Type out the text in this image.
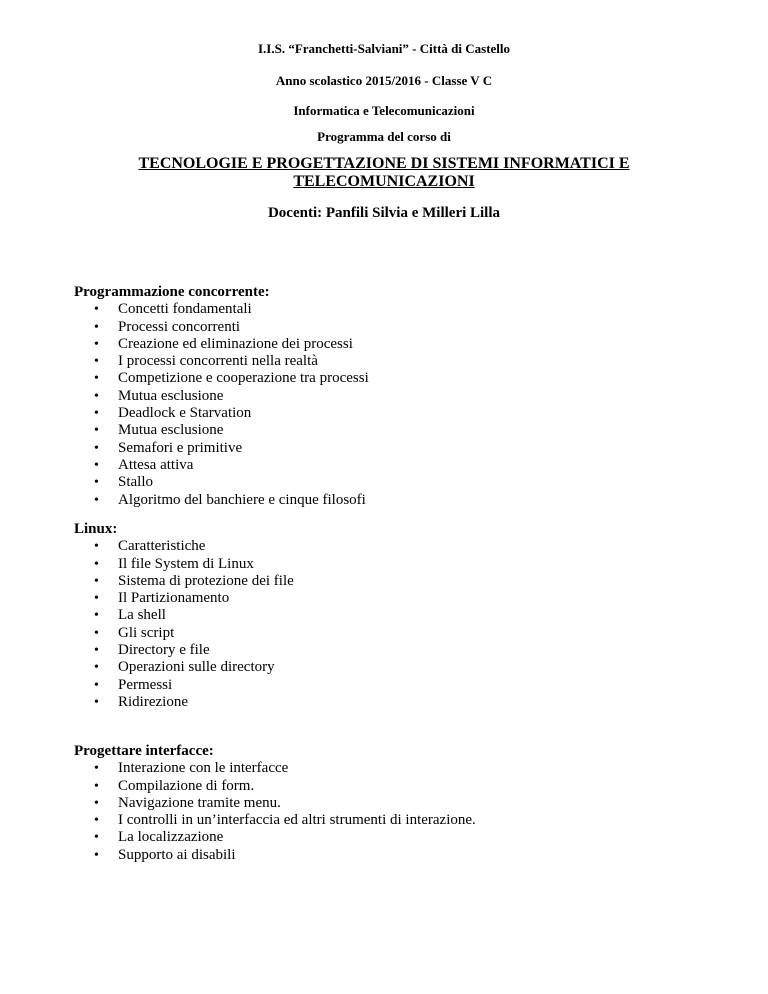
I.I.S. “Franchetti-Salviani” - Città di Castello
Anno scolastico 2015/2016 - Classe V C
Informatica e Telecomunicazioni
Programma del corso di
TECNOLOGIE E PROGETTAZIONE DI SISTEMI INFORMATICI E
TELECOMUNICAZIONI
Docenti: Panfili Silvia e Milleri Lilla
Programmazione concorrente:
• Concetti fondamentali
• Processi concorrenti
• Creazione ed eliminazione dei processi
• I processi concorrenti nella realtà
• Competizione e cooperazione tra processi
• Mutua esclusione
• Deadlock e Starvation
• Mutua esclusione
• Semafori e primitive
• Attesa attiva
• Stallo
• Algoritmo del banchiere e cinque filosofi
Linux:
• Caratteristiche
• Il file System di Linux
• Sistema di protezione dei file
• Il Partizionamento
• La shell
• Gli script
• Directory e file
• Operazioni sulle directory
• Permessi
• Ridirezione
Progettare interfacce:
• Interazione con le interfacce
• Compilazione di form.
• Navigazione tramite menu.
• I controlli in un’interfaccia ed altri strumenti di interazione.
• La localizzazione
• Supporto ai disabili
